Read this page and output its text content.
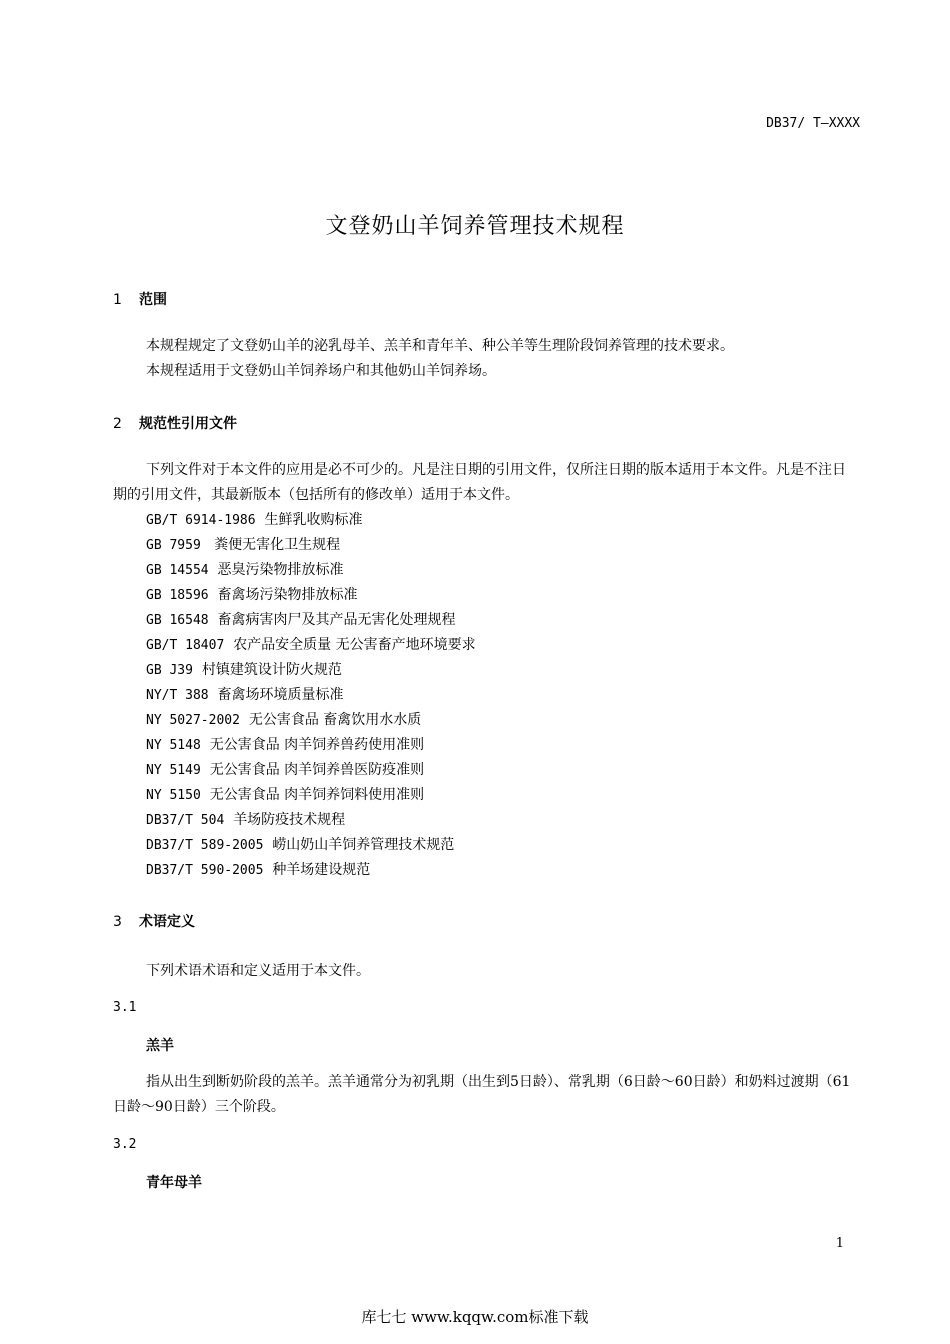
DB37/ T—XXXX
文登奶山羊饲养管理技术规程
1 范围
本规程规定了文登奶山羊的泌乳母羊、羔羊和青年羊、种公羊等生理阶段饲养管理的技术要求。
本规程适用于文登奶山羊饲养场户和其他奶山羊饲养场。
2 规范性引用文件
下列文件对于本文件的应用是必不可少的。凡是注日期的引用文件，仅所注日期的版本适用于本文件。凡是不注日期的引用文件，其最新版本（包括所有的修改单）适用于本文件。
GB/T 6914-1986 生鲜乳收购标准
GB 7959 粪便无害化卫生规程
GB 14554 恶臭污染物排放标准
GB 18596 畜禽场污染物排放标准
GB 16548 畜禽病害肉尸及其产品无害化处理规程
GB/T 18407 农产品安全质量 无公害畜产地环境要求
GB J39 村镇建筑设计防火规范
NY/T 388 畜禽场环境质量标准
NY 5027-2002 无公害食品 畜禽饮用水水质
NY 5148 无公害食品 肉羊饲养兽药使用准则
NY 5149 无公害食品 肉羊饲养兽医防疫准则
NY 5150 无公害食品 肉羊饲养饲料使用准则
DB37/T 504 羊场防疫技术规程
DB37/T 589-2005 崂山奶山羊饲养管理技术规范
DB37/T 590-2005 种羊场建设规范
3 术语定义
下列术语术语和定义适用于本文件。
3.1
羔羊
指从出生到断奶阶段的羔羊。羔羊通常分为初乳期（出生到5日龄）、常乳期（6日龄～60日龄）和奶料过渡期（61日龄～90日龄）三个阶段。
3.2
青年母羊
1
库七七 www.kqqw.com标准下载
